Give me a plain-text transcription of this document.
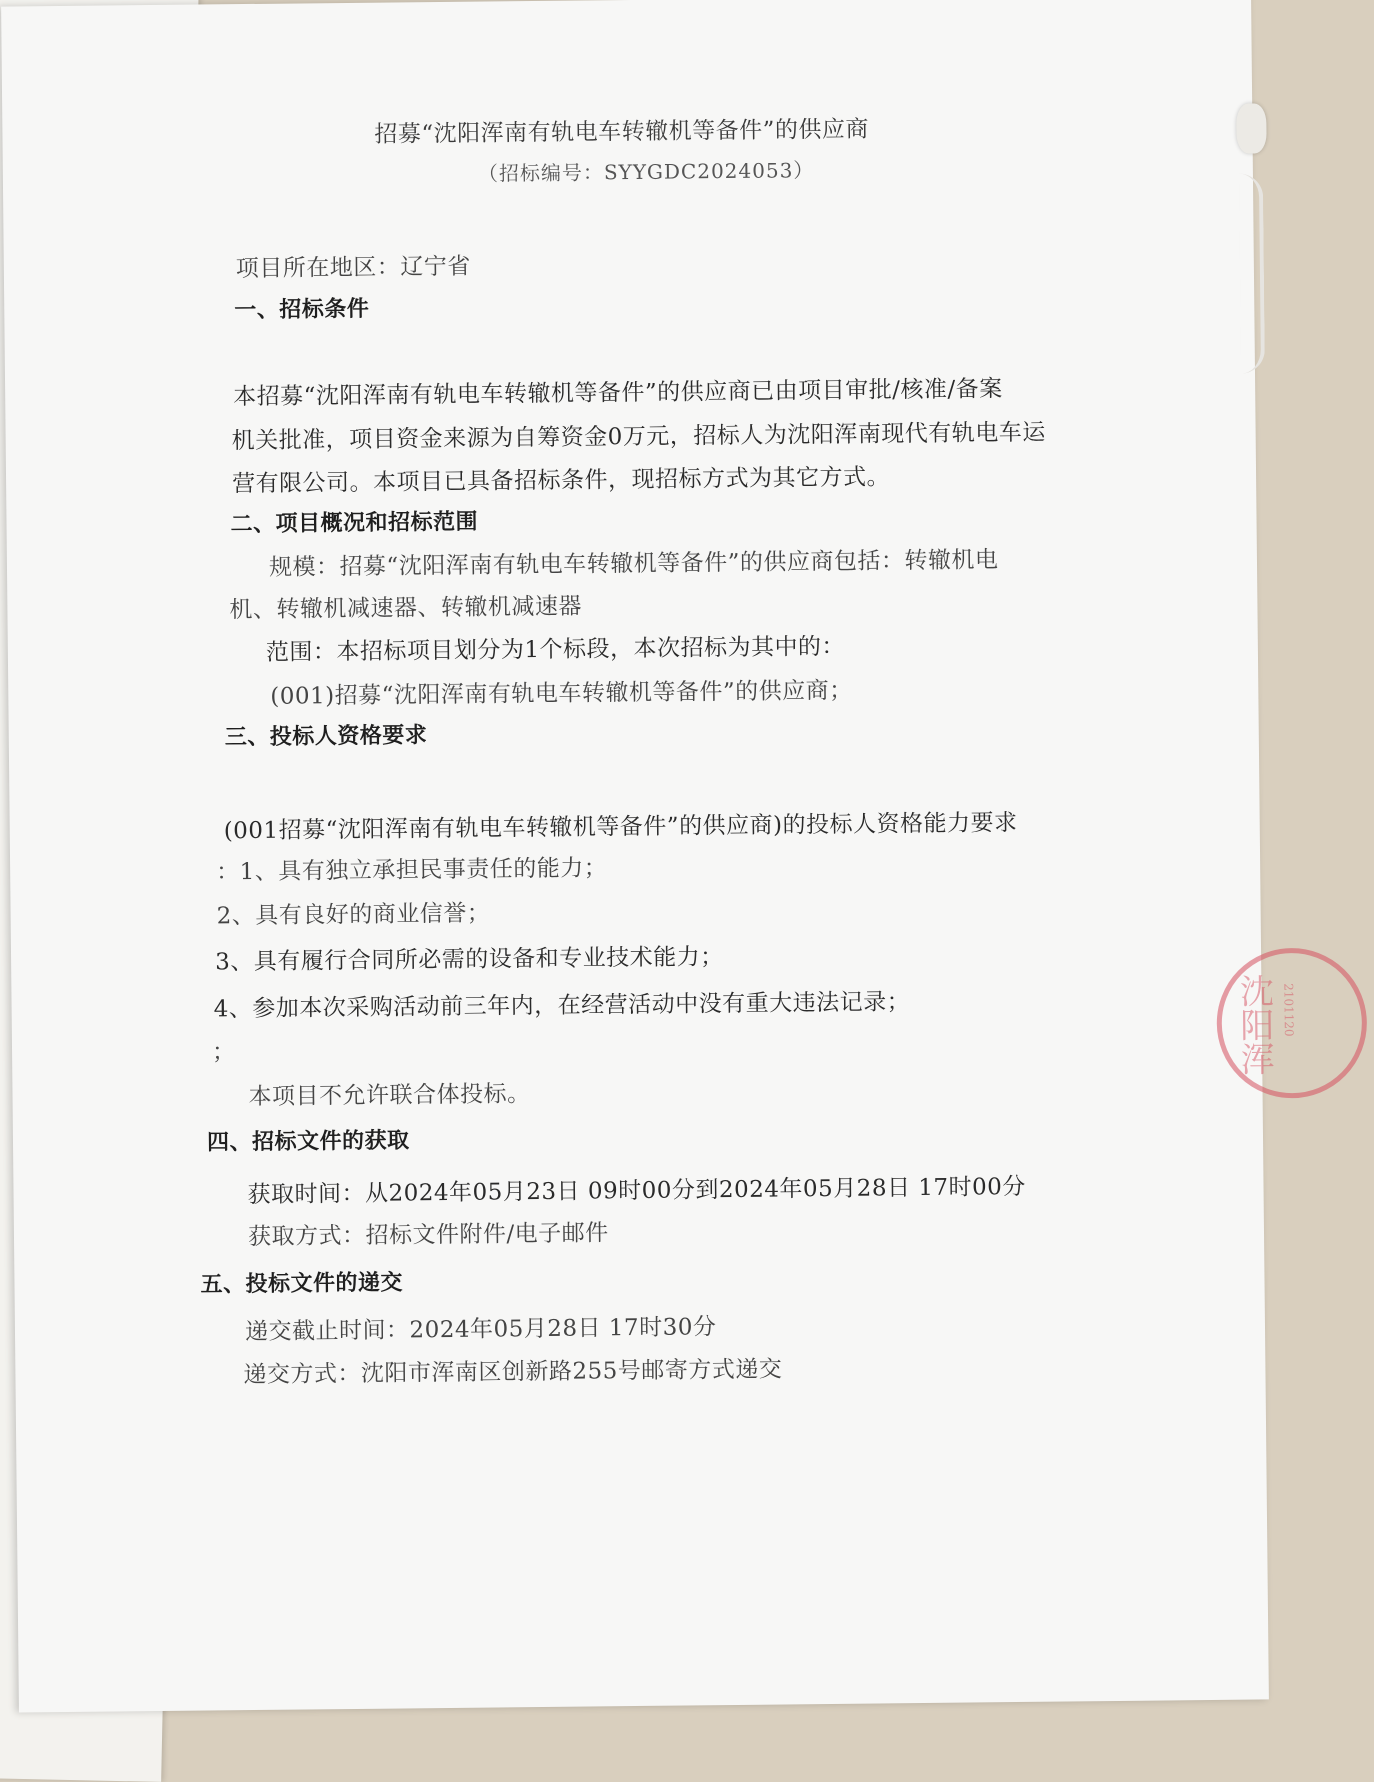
招募“沈阳浑南有轨电车转辙机等备件”的供应商
（招标编号：SYYGDC2024053）
项目所在地区：辽宁省
一、招标条件
本招募“沈阳浑南有轨电车转辙机等备件”的供应商已由项目审批/核准/备案
机关批准，项目资金来源为自筹资金0万元，招标人为沈阳浑南现代有轨电车运
营有限公司。本项目已具备招标条件，现招标方式为其它方式。
二、项目概况和招标范围
规模：招募“沈阳浑南有轨电车转辙机等备件”的供应商包括：转辙机电
机、转辙机减速器、转辙机减速器
范围：本招标项目划分为1个标段，本次招标为其中的：
(001)招募“沈阳浑南有轨电车转辙机等备件”的供应商；
三、投标人资格要求
(001招募“沈阳浑南有轨电车转辙机等备件”的供应商)的投标人资格能力要求
：1、具有独立承担民事责任的能力；
2、具有良好的商业信誉；
3、具有履行合同所必需的设备和专业技术能力；
4、参加本次采购活动前三年内，在经营活动中没有重大违法记录；
；
本项目不允许联合体投标。
四、招标文件的获取
获取时间：从2024年05月23日 09时00分到2024年05月28日 17时00分
获取方式：招标文件附件/电子邮件
五、投标文件的递交
递交截止时间：2024年05月28日 17时30分
递交方式：沈阳市浑南区创新路255号邮寄方式递交
沈阳浑 2101120
